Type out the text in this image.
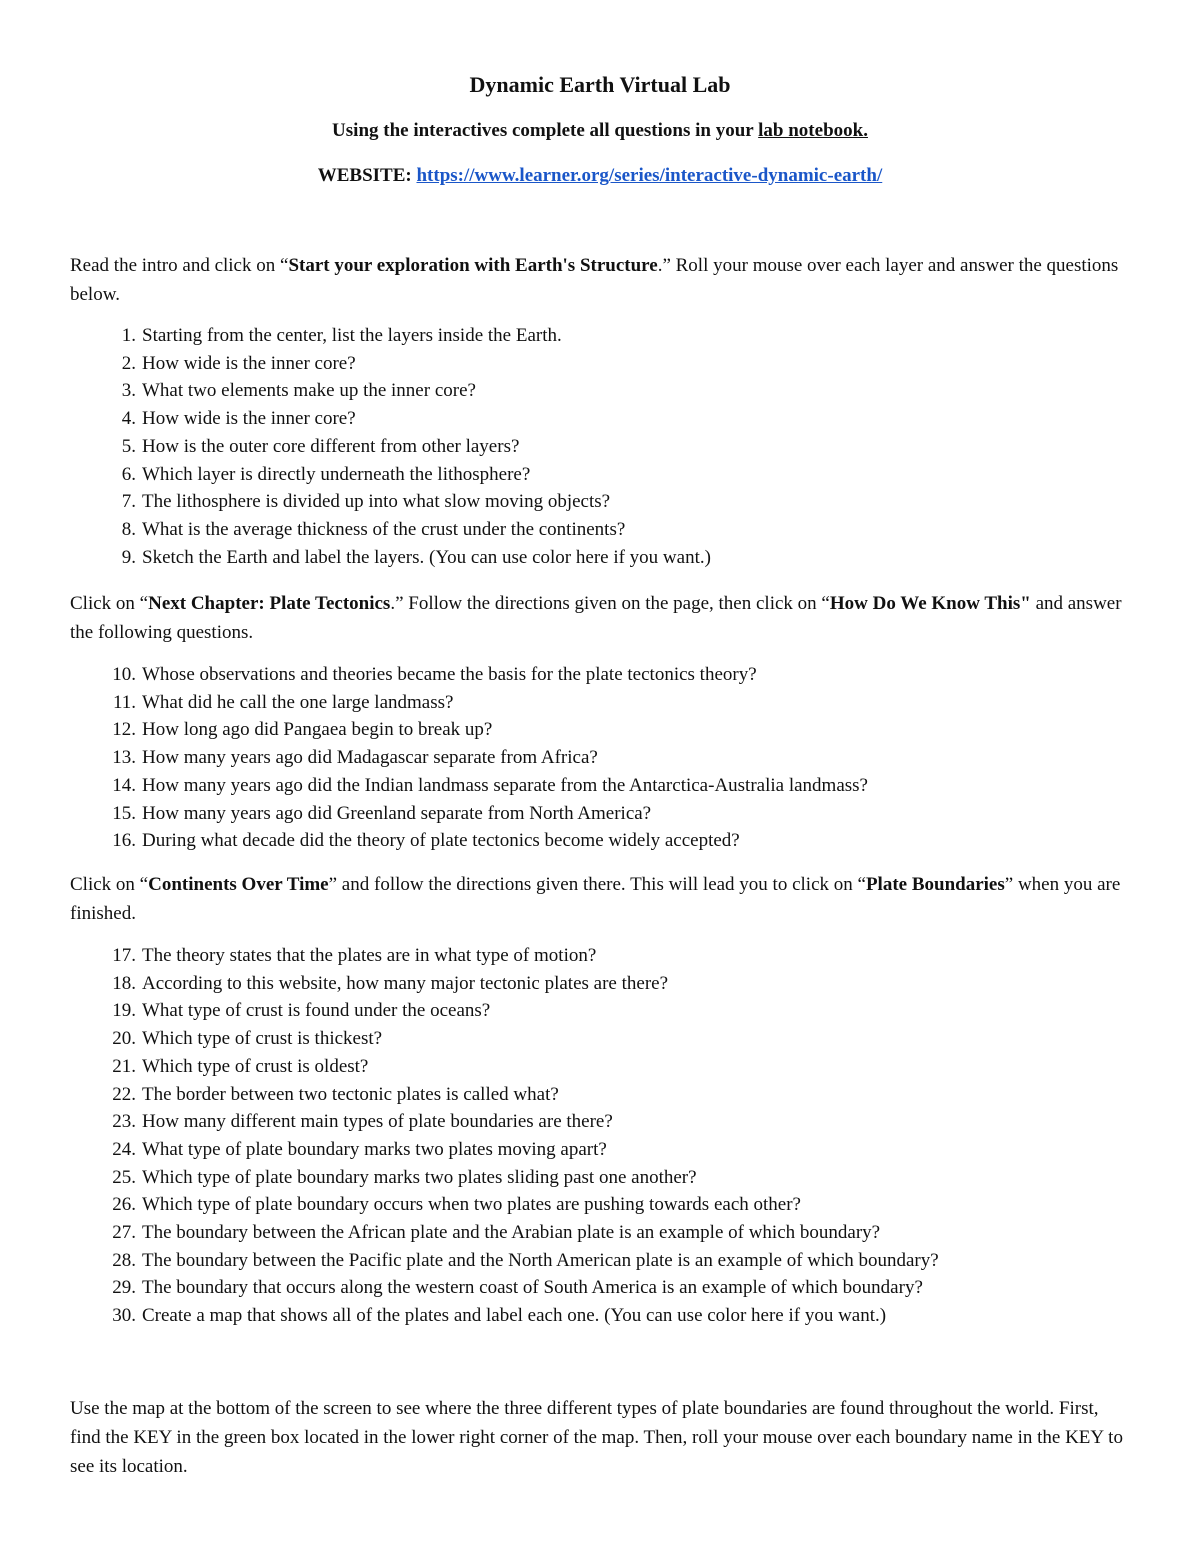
Dynamic Earth Virtual Lab
Using the interactives complete all questions in your lab notebook.
WEBSITE: https://www.learner.org/series/interactive-dynamic-earth/
Read the intro and click on “Start your exploration with Earth's Structure.” Roll your mouse over each layer and answer the questions below.
1. Starting from the center, list the layers inside the Earth.
2. How wide is the inner core?
3. What two elements make up the inner core?
4. How wide is the inner core?
5. How is the outer core different from other layers?
6. Which layer is directly underneath the lithosphere?
7. The lithosphere is divided up into what slow moving objects?
8. What is the average thickness of the crust under the continents?
9. Sketch the Earth and label the layers. (You can use color here if you want.)
Click on “Next Chapter: Plate Tectonics.” Follow the directions given on the page, then click on “How Do We Know This" and answer the following questions.
10. Whose observations and theories became the basis for the plate tectonics theory?
11. What did he call the one large landmass?
12. How long ago did Pangaea begin to break up?
13. How many years ago did Madagascar separate from Africa?
14. How many years ago did the Indian landmass separate from the Antarctica-Australia landmass?
15. How many years ago did Greenland separate from North America?
16. During what decade did the theory of plate tectonics become widely accepted?
Click on “Continents Over Time” and follow the directions given there. This will lead you to click on “Plate Boundaries” when you are finished.
17. The theory states that the plates are in what type of motion?
18. According to this website, how many major tectonic plates are there?
19. What type of crust is found under the oceans?
20. Which type of crust is thickest?
21. Which type of crust is oldest?
22. The border between two tectonic plates is called what?
23. How many different main types of plate boundaries are there?
24. What type of plate boundary marks two plates moving apart?
25. Which type of plate boundary marks two plates sliding past one another?
26. Which type of plate boundary occurs when two plates are pushing towards each other?
27. The boundary between the African plate and the Arabian plate is an example of which boundary?
28. The boundary between the Pacific plate and the North American plate is an example of which boundary?
29. The boundary that occurs along the western coast of South America is an example of which boundary?
30. Create a map that shows all of the plates and label each one. (You can use color here if you want.)
Use the map at the bottom of the screen to see where the three different types of plate boundaries are found throughout the world. First, find the KEY in the green box located in the lower right corner of the map. Then, roll your mouse over each boundary name in the KEY to see its location.
